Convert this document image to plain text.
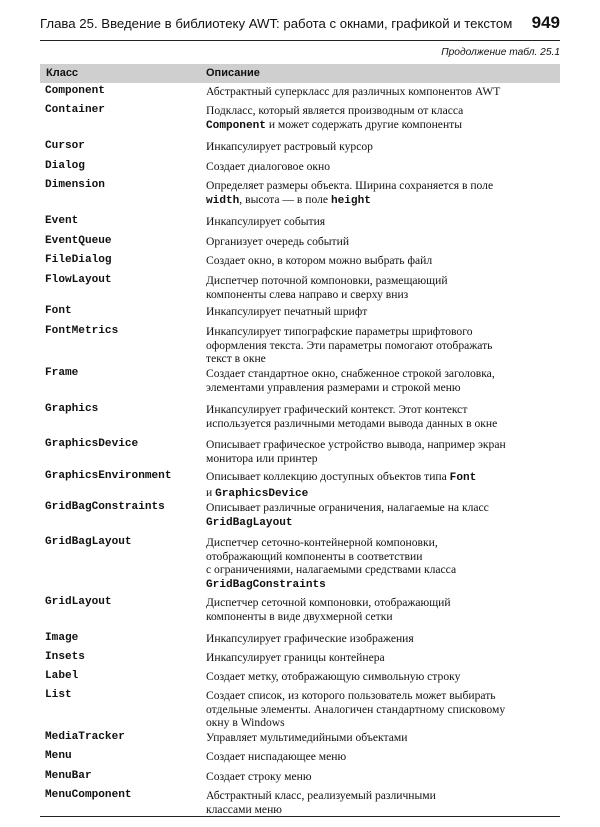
Глава 25. Введение в библиотеку AWT: работа с окнами, графикой и текстом 949
Продолжение табл. 25.1
Класс	Описание
Component	Абстрактный суперкласс для различных компонентов AWT
Container	Подкласс, который является производным от класса
Component и может содержать другие компоненты
Cursor	Инкапсулирует растровый курсор
Dialog	Создает диалоговое окно
Dimension	Определяет размеры объекта. Ширина сохраняется в поле
width, высота — в поле height
Event	Инкапсулирует события
EventQueue	Организует очередь событий
FileDialog	Создает окно, в котором можно выбрать файл
FlowLayout	Диспетчер поточной компоновки, размещающий
компоненты слева направо и сверху вниз
Font	Инкапсулирует печатный шрифт
FontMetrics	Инкапсулирует типографские параметры шрифтового
оформления текста. Эти параметры помогают отображать
текст в окне
Frame	Создает стандартное окно, снабженное строкой заголовка,
элементами управления размерами и строкой меню
Graphics	Инкапсулирует графический контекст. Этот контекст
используется различными методами вывода данных в окне
GraphicsDevice	Описывает графическое устройство вывода, например экран
монитора или принтер
GraphicsEnvironment	Описывает коллекцию доступных объектов типа Font
и GraphicsDevice
GridBagConstraints	Описывает различные ограничения, налагаемые на класс
GridBagLayout
GridBagLayout	Диспетчер сеточно-контейнерной компоновки,
отображающий компоненты в соответствии
с ограничениями, налагаемыми средствами класса
GridBagConstraints
GridLayout	Диспетчер сеточной компоновки, отображающий
компоненты в виде двухмерной сетки
Image	Инкапсулирует графические изображения
Insets	Инкапсулирует границы контейнера
Label	Создает метку, отображающую символьную строку
List	Создает список, из которого пользователь может выбирать
отдельные элементы. Аналогичен стандартному списковому
окну в Windows
MediaTracker	Управляет мультимедийными объектами
Menu	Создает ниспадающее меню
MenuBar	Создает строку меню
MenuComponent	Абстрактный класс, реализуемый различными
классами меню
